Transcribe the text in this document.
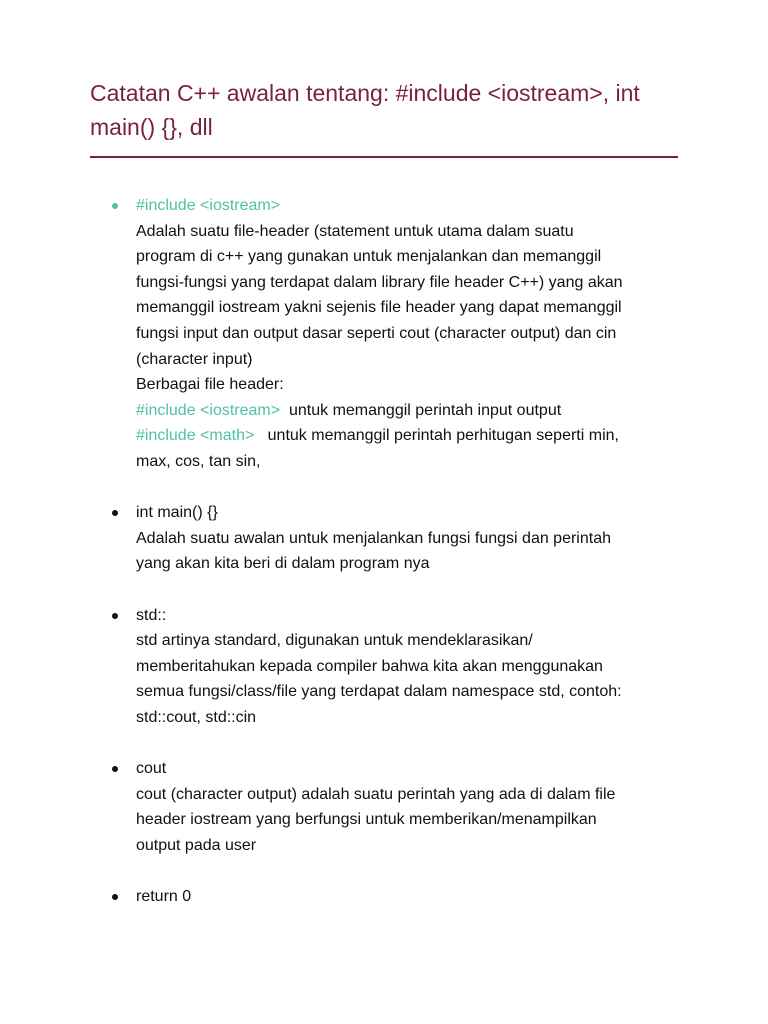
Catatan C++ awalan tentang: #include <iostream>, int
main() {}, dll
#include <iostream>
Adalah suatu file-header (statement untuk utama dalam suatu
program di c++ yang gunakan untuk menjalankan dan memanggil
fungsi-fungsi yang terdapat dalam library file header C++) yang akan
memanggil iostream yakni sejenis file header yang dapat memanggil
fungsi input dan output dasar seperti cout (character output) dan cin
(character input)
Berbagai file header:
#include <iostream>  untuk memanggil perintah input output
#include <math>   untuk memanggil perintah perhitugan seperti min,
max, cos, tan sin,
int main() {}
Adalah suatu awalan untuk menjalankan fungsi fungsi dan perintah
yang akan kita beri di dalam program nya
std::
std artinya standard, digunakan untuk mendeklarasikan/
memberitahukan kepada compiler bahwa kita akan menggunakan
semua fungsi/class/file yang terdapat dalam namespace std, contoh:
std::cout, std::cin
cout
cout (character output) adalah suatu perintah yang ada di dalam file
header iostream yang berfungsi untuk memberikan/menampilkan
output pada user
return 0
